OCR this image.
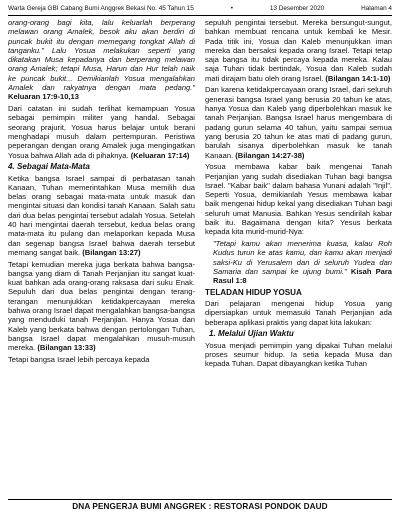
Warta Gereja GBI Cabang Bumi Anggrek Bekasi No. 45 Tahun 15	•	13 Desember 2020	Halaman 4

orang-orang bagi kita, lalu keluarlah berperang melawan orang Amalek, besok aku akan berdiri di puncak bukit itu dengan memegang tongkat Allah di tanganku." Lalu Yosua melakukan seperti yang dikatakan Musa kepadanya dan berperang melawan orang Amalek; tetapi Musa, Harun dan Hur telah naik ke puncak bukit... Demikianlah Yosua mengalahkan Amalek dan rakyatnya dengan mata pedang." Keluaran 17:9-10,13

Dari catatan ini sudah terlihat kemampuan Yosua sebagai pemimpin militer yang handal. Sebagai seorang prajurit, Yosua harus belajar untuk berani menghadapi musuh dalam pertempuran. Peristiwa peperangan dengan orang Amalek juga mengingatkan Yosua bahwa Allah ada di pihaknya. (Keluaran 17:14)

4. Sebagai Mata-Mata

Ketika bangsa Israel sampai di perbatasan tanah Kanaan, Tuhan memerintahkan Musa memilih dua belas orang sebagai mata-mata untuk masuk dan mengintai situasi dan kondisi tanah Kanaan. Salah satu dari dua belas pengintai tersebut adalah Yosua. Setelah 40 hari mengintai daerah tersebut, kedua belas orang mata-mata itu pulang dan melaporkan kepada Musa dan segenap bangsa Israel bahwa daerah tersebut memang sangat baik. (Bilangan 13:27)

Tetapi kemudian mereka juga berkata bahwa bangsa-bangsa yang diam di Tanah Perjanjian itu sangat kuat-kuat bahkan ada orang-orang raksasa dari suku Enak. Sepuluh dari dua belas pengintai dengan terang-terangan menunjukkan ketidakpercayaan mereka bahwa orang Israel dapat mengalahkan bangsa-bangsa yang menduduki tanah Perjanjian. Hanya Yosua dan Kaleb yang berkata bahwa dengan pertolongan Tuhan, bangsa Israel dapat mengalahkan musuh-musuh mereka. (Bilangan 13:33)

Tetapi bangsa Israel lebih percaya kepada

sepuluh pengintai tersebut. Mereka bersungut-sungut, bahkan membuat rencana untuk kembali ke Mesir. Pada titik ini, Yosua dan Kaleb menunjukkan iman mereka dan bersaksi kepada orang Israel. Tetapi tetap saja bangsa itu tidak percaya kepada mereka. Kalau saja Tuhan tidak bertindak, Yosua dan Kaleb sudah mati dirajam batu oleh orang Israel. (Bilangan 14:1-10)

Dan karena ketidakpercayaan orang Israel, dari seluruh generasi bangsa Israel yang berusia 20 tahun ke atas, hanya Yosua dan Kaleb yang diperbolehkan masuk ke tanah Perjanjian. Bangsa Israel harus mengembara di padang gurun selama 40 tahun, yaitu sampai semua yang berusia 20 tahun ke atas mati di padang gurun, barulah sisanya diperbolehkan masuk ke tanah Kanaan. (Bilangan 14:27-38)

Yosua membawa kabar baik mengenai Tanah Perjanjian yang sudah disediakan Tuhan bagi bangsa Israel. "Kabar baik" dalam bahasa Yunani adalah "Injil". Seperti Yosua, demikianlah Yesus membawa kabar baik mengenai hidup kekal yang disediakan Tuhan bagi seluruh umat Manusia. Bahkan Yesus sendirilah kabar baik itu. Bagaimana dengan kita? Yesus berkata kepada kita murid-murid-Nya:

"Tetapi kamu akan menerima kuasa, kalau Roh Kudus turun ke atas kamu, dan kamu akan menjadi saksi-Ku di Yerusalem dan di seluruh Yudea dan Samaria dan sampai ke ujung bumi." Kisah Para Rasul 1:8

TELADAN HIDUP YOSUA

Dari pelajaran mengenai hidup Yosua yang dipersiapkan untuk memasuki Tanah Perjanjian ada beberapa aplikasi praktis yang dapat kita lakukan:

1. Melalui Ujian Waktu

Yosua menjadi pemimpin yang dipakai Tuhan melalui proses seumur hidup. Ia setia kepada Musa dan kepada Tuhan. Dapat dibayangkan ketika Tuhan

DNA PENGERJA BUMI ANGGREK : RESTORASI PONDOK DAUD
